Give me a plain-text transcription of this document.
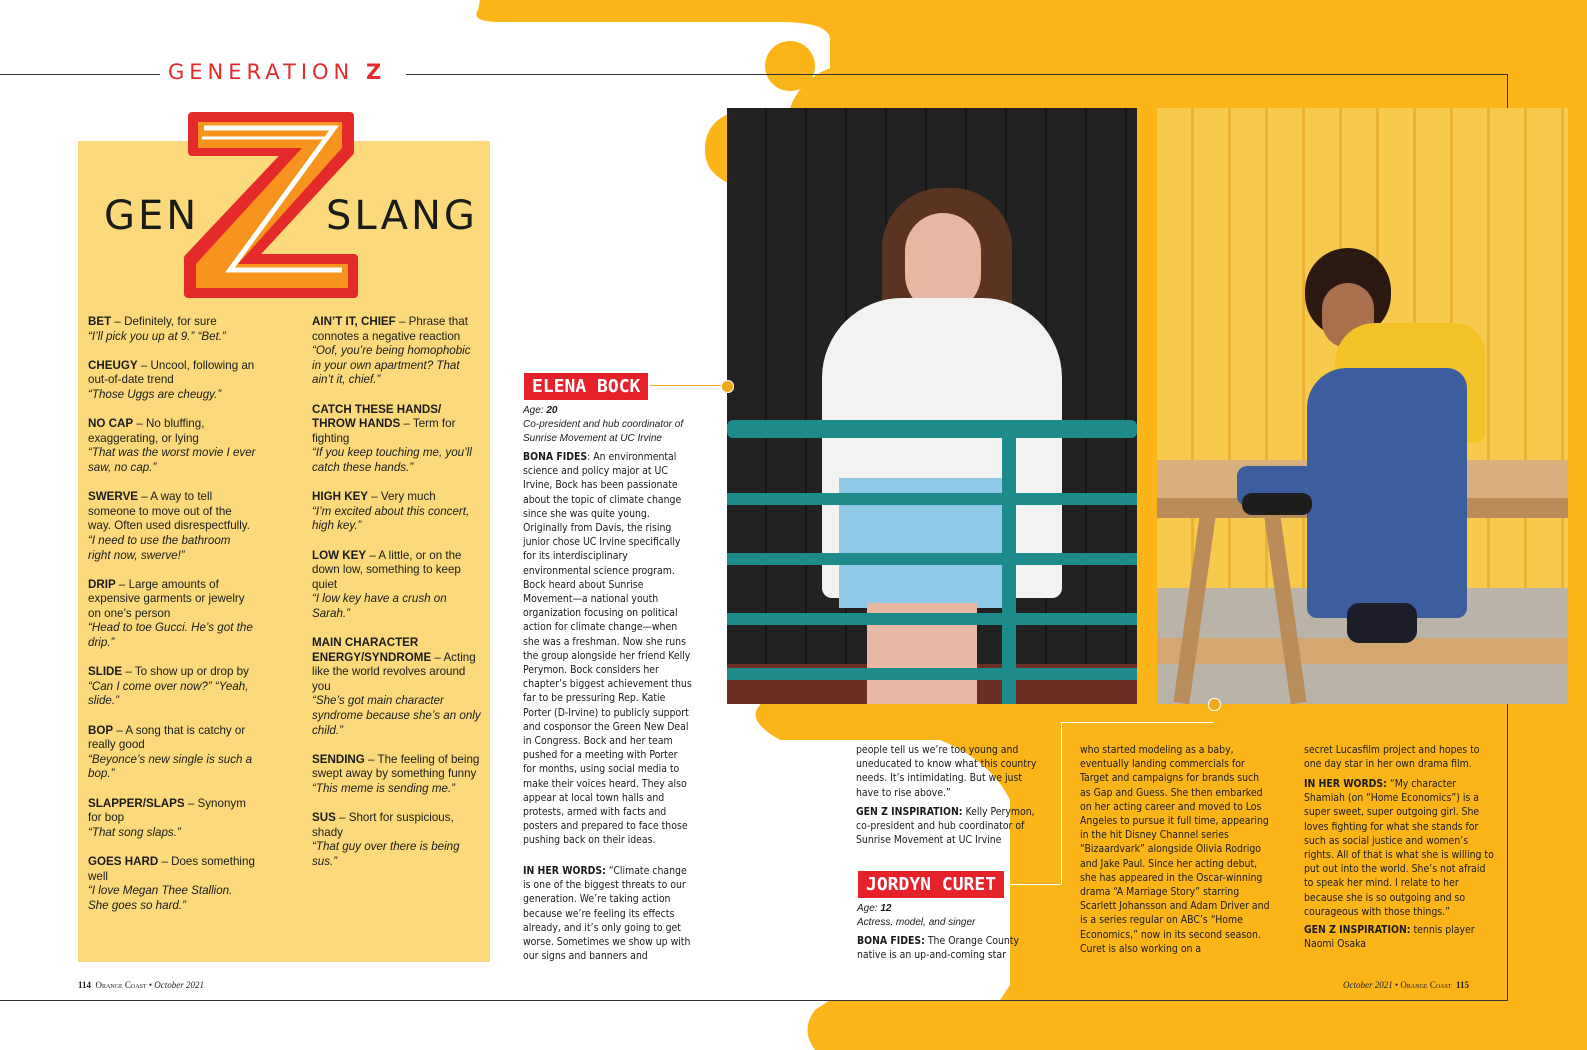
GENERATION Z
GEN	SLANG
BET – Definitely, for sure
“I’ll pick you up at 9.” “Bet.”
CHEUGY – Uncool, following an out-of-date trend
“Those Uggs are cheugy.”
NO CAP – No bluffing, exaggerating, or lying
“That was the worst movie I ever saw, no cap.”
SWERVE – A way to tell someone to move out of the way. Often used disrespectfully.
“I need to use the bathroom right now, swerve!”
DRIP – Large amounts of expensive garments or jewelry on one’s person
“Head to toe Gucci. He’s got the drip.”
SLIDE – To show up or drop by
“Can I come over now?” “Yeah, slide.”
BOP – A song that is catchy or really good
“Beyonce’s new single is such a bop.”
SLAPPER/SLAPS – Synonym for bop
“That song slaps.”
GOES HARD – Does something well
“I love Megan Thee Stallion. She goes so hard.”
AIN’T IT, CHIEF – Phrase that connotes a negative reaction
“Oof, you’re being homophobic in your own apartment? That ain’t it, chief.”
CATCH THESE HANDS/ THROW HANDS – Term for fighting
“If you keep touching me, you’ll catch these hands.”
HIGH KEY – Very much
“I’m excited about this concert, high key.”
LOW KEY – A little, or on the down low, something to keep quiet
“I low key have a crush on Sarah.”
MAIN CHARACTER ENERGY/SYNDROME – Acting like the world revolves around you
“She’s got main character syndrome because she’s an only child.”
SENDING – The feeling of being swept away by something funny
“This meme is sending me.”
SUS – Short for suspicious, shady
“That guy over there is being sus.”
ELENA BOCK
Age: 20
Co-president and hub coordinator of Sunrise Movement at UC Irvine
BONA FIDES: An environmental science and policy major at UC Irvine, Bock has been passionate about the topic of climate change since she was quite young. Originally from Davis, the rising junior chose UC Irvine specifically for its interdisciplinary environmental science program. Bock heard about Sunrise Movement—a national youth organization focusing on political action for climate change—when she was a freshman. Now she runs the group alongside her friend Kelly Perymon. Bock considers her chapter’s biggest achievement thus far to be pressuring Rep. Katie Porter (D-Irvine) to publicly support and cosponsor the Green New Deal in Congress. Bock and her team pushed for a meeting with Porter for months, using social media to make their voices heard. They also appear at local town halls and protests, armed with facts and posters and prepared to face those pushing back on their ideas.
IN HER WORDS: “Climate change is one of the biggest threats to our generation. We’re taking action because we’re feeling its effects already, and it’s only going to get worse. Sometimes we show up with our signs and banners and
people tell us we’re too young and uneducated to know what this country needs. It’s intimidating. But we just have to rise above.”
GEN Z INSPIRATION: Kelly Perymon, co-president and hub coordinator of Sunrise Movement at UC Irvine
JORDYN CURET
Age: 12
Actress, model, and singer
BONA FIDES: The Orange County native is an up-and-coming star
who started modeling as a baby, eventually landing commercials for Target and campaigns for brands such as Gap and Guess. She then embarked on her acting career and moved to Los Angeles to pursue it full time, appearing in the hit Disney Channel series “Bizaardvark” alongside Olivia Rodrigo and Jake Paul. Since her acting debut, she has appeared in the Oscar-winning drama “A Marriage Story” starring Scarlett Johansson and Adam Driver and is a series regular on ABC’s “Home Economics,” now in its second season. Curet is also working on a
secret Lucasfilm project and hopes to one day star in her own drama film.
IN HER WORDS: “My character Shamiah (on “Home Economics”) is a super sweet, super outgoing girl. She loves fighting for what she stands for such as social justice and women’s rights. All of that is what she is willing to put out into the world. She’s not afraid to speak her mind. I relate to her because she is so outgoing and so courageous with those things.”
GEN Z INSPIRATION: tennis player Naomi Osaka
114 Orange Coast • October 2021	October 2021 • Orange Coast 115
